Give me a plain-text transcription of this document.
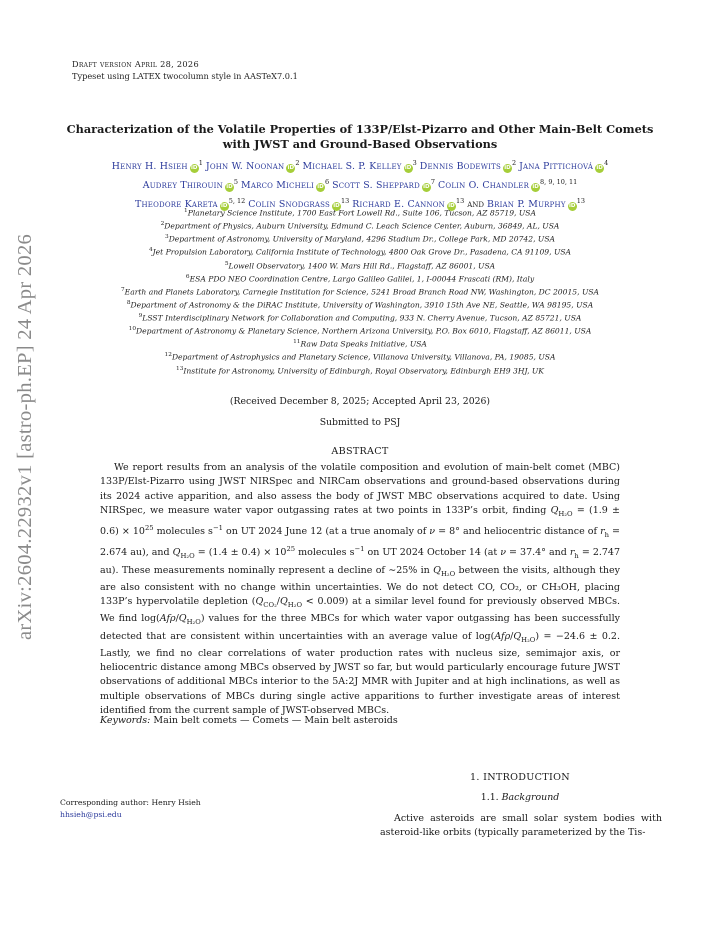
arXiv:2604.22932v1 [astro-ph.EP] 24 Apr 2026
Draft version April 28, 2026
Typeset using LATEX twocolumn style in AASTeX7.0.1
Characterization of the Volatile Properties of 133P/Elst-Pizarro and Other Main-Belt Comets with JWST and Ground-Based Observations
Henry H. Hsieh $iD^1$ John W. Noonan $iD^2$ Michael S. P. Kelley $iD^3$ Dennis Bodewits $iD^2$ Jana Pittichová $iD^4$
Audrey Thirouin $iD^5$ Marco Micheli $iD^6$ Scott S. Sheppard $iD^7$ Colin O. Chandler iD$^{8, 9, 10, 11}$
Theodore Kareta iD$^{5, 12}$ Colin Snodgrass $iD^{13}$ Richard E. Cannon $iD^{13}$ and Brian P. Murphy $iD^{13}$
$^1$Planetary Science Institute, 1700 East Fort Lowell Rd., Suite 106, Tucson, AZ 85719, USA
$^2$Department of Physics, Auburn University, Edmund C. Leach Science Center, Auburn, 36849, AL, USA
$^3$Department of Astronomy, University of Maryland, 4296 Stadium Dr., College Park, MD 20742, USA
$^4$Jet Propulsion Laboratory, California Institute of Technology, 4800 Oak Grove Dr., Pasadena, CA 91109, USA
$^5$Lowell Observatory, 1400 W. Mars Hill Rd., Flagstaff, AZ 86001, USA
$^6$ESA PDO NEO Coordination Centre, Largo Galileo Galilei, 1, I-00044 Frascati (RM), Italy
$^7$Earth and Planets Laboratory, Carnegie Institution for Science, 5241 Broad Branch Road NW, Washington, DC 20015, USA
$^8$Department of Astronomy & the DiRAC Institute, University of Washington, 3910 15th Ave NE, Seattle, WA 98195, USA
$^9$LSST Interdisciplinary Network for Collaboration and Computing, 933 N. Cherry Avenue, Tucson, AZ 85721, USA
$^{10}$Department of Astronomy & Planetary Science, Northern Arizona University, P.O. Box 6010, Flagstaff, AZ 86011, USA
$^{11}$Raw Data Speaks Initiative, USA
$^{12}$Department of Astrophysics and Planetary Science, Villanova University, Villanova, PA, 19085, USA
$^{13}$Institute for Astronomy, University of Edinburgh, Royal Observatory, Edinburgh EH9 3HJ, UK
(Received December 8, 2025; Accepted April 23, 2026)
Submitted to PSJ
ABSTRACT
We report results from an analysis of the volatile composition and evolution of main-belt comet (MBC) 133P/Elst-Pizarro using JWST NIRSpec and NIRCam observations and ground-based observations during its 2024 active apparition, and also assess the body of JWST MBC observations acquired to date. Using NIRSpec, we measure water vapor outgassing rates at two points in 133P’s orbit, finding $Q_{H_2O} = (1.9 \pm 0.6) \times 10^{25}$ molecules $s^{-1}$ on UT 2024 June 12 (at a true anomaly of ν = 8° and heliocentric distance of $r_h = 2.674$ au), and $Q_{H_2O} = (1.4 \pm 0.4) \times 10^{25}$ molecules $s^{-1}$ on UT 2024 October 14 (at ν = 37.4° and $r_h = 2.747$ au). These measurements nominally represent a decline of ∼25% in $Q_{H_2O}$ between the visits, although they are also consistent with no change within uncertainties. We do not detect CO, CO₂, or CH₃OH, placing 133P’s hypervolatile depletion $(Q_{CO_2}/Q_{H_2O} < 0.009)$ at a similar level found for previously observed MBCs. We find $\log(Af\rho/Q_{H_2O})$ values for the three MBCs for which water vapor outgassing has been successfully detected that are consistent within uncertainties with an average value of $\log(Af\rho/Q_{H_2O}) = -24.6 \pm 0.2$. Lastly, we find no clear correlations of water production rates with nucleus size, semimajor axis, or heliocentric distance among MBCs observed by JWST so far, but would particularly encourage future JWST observations of additional MBCs interior to the 5A:2J MMR with Jupiter and at high inclinations, as well as multiple observations of MBCs during single active apparitions to further investigate areas of interest identified from the current sample of JWST-observed MBCs.
Keywords: Main belt comets — Comets — Main belt asteroids
Corresponding author: Henry Hsieh
hhsieh@psi.edu
1. INTRODUCTION
1.1. Background
Active asteroids are small solar system bodies with asteroid-like orbits (typically parameterized by the Tis-
